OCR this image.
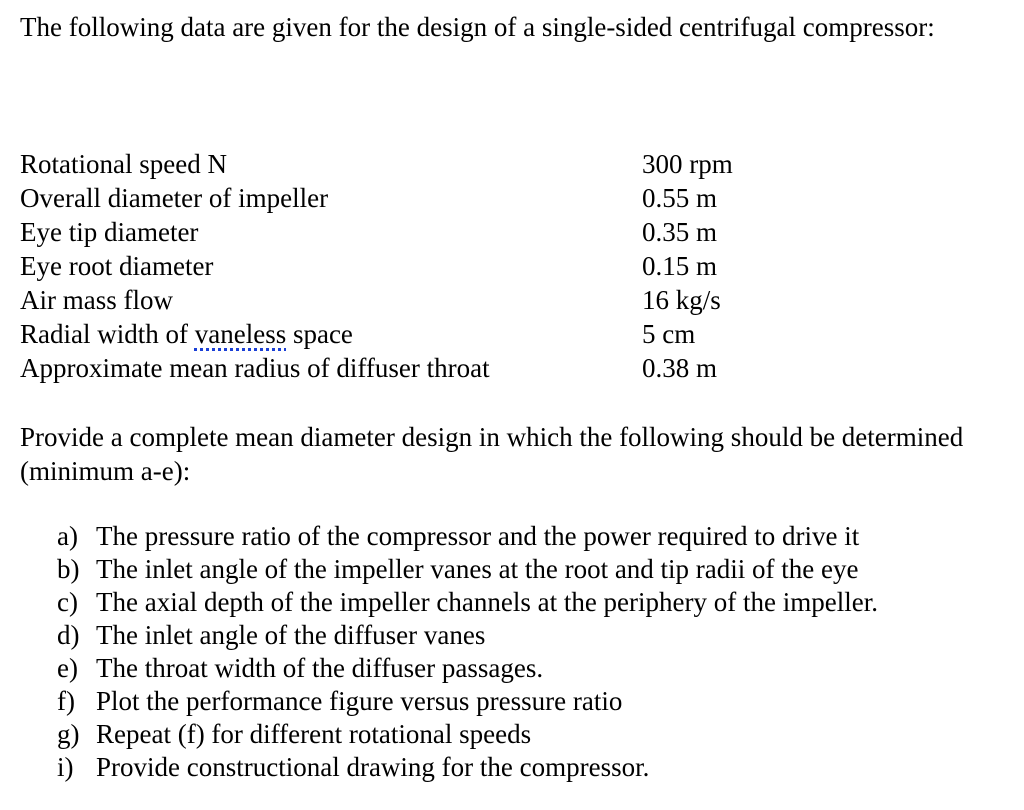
The following data are given for the design of a single-sided centrifugal compressor:

Rotational speed N	300 rpm
Overall diameter of impeller	0.55 m
Eye tip diameter	0.35 m
Eye root diameter	0.15 m
Air mass flow	16 kg/s
Radial width of vaneless space	5 cm
Approximate mean radius of diffuser throat	0.38 m

Provide a complete mean diameter design in which the following should be determined (minimum a-e):

a) The pressure ratio of the compressor and the power required to drive it
b) The inlet angle of the impeller vanes at the root and tip radii of the eye
c) The axial depth of the impeller channels at the periphery of the impeller.
d) The inlet angle of the diffuser vanes
e) The throat width of the diffuser passages.
f) Plot the performance figure versus pressure ratio
g) Repeat (f) for different rotational speeds
i) Provide constructional drawing for the compressor.
